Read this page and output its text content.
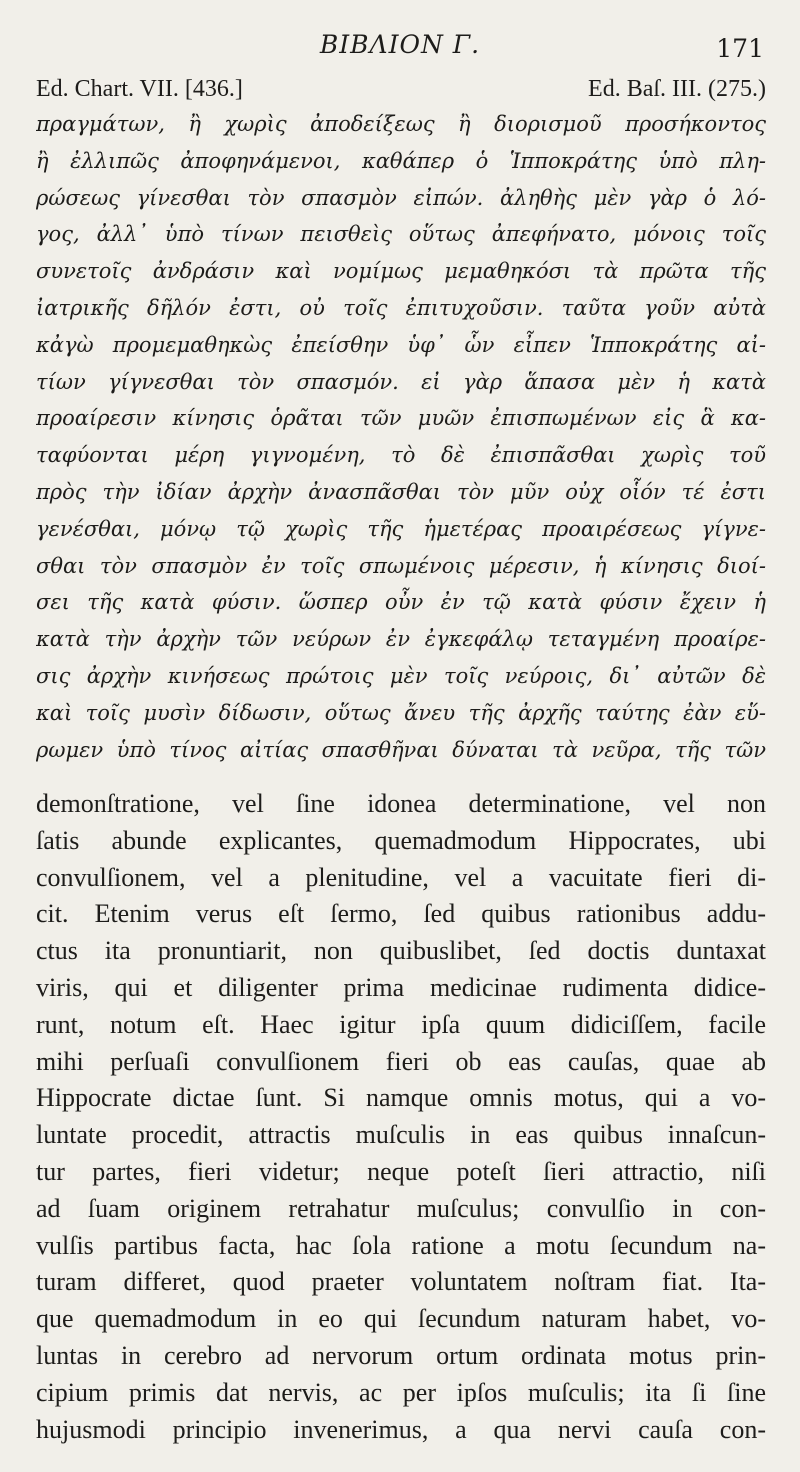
ΒΙΒΛΙΟΝ Γ.	171
Ed. Chart. VII. [436.]	Ed. Baſ. III. (275.)
πραγμάτων, ἢ χωρὶς ἀποδείξεως ἢ διορισμοῦ προσήκοντος
ἢ ἐλλιπῶς ἀποφηνάμενοι, καθάπερ ὁ Ἱπποκράτης ὑπὸ πλη-
ρώσεως γίνεσθαι τὸν σπασμὸν εἰπών. ἀληθὴς μὲν γὰρ ὁ λό-
γος, ἀλλ᾽ ὑπὸ τίνων πεισθεὶς οὕτως ἀπεφήνατο, μόνοις τοῖς
συνετοῖς ἀνδράσιν καὶ νομίμως μεμαθηκόσι τὰ πρῶτα τῆς
ἰατρικῆς δῆλόν ἐστι, οὐ τοῖς ἐπιτυχοῦσιν. ταῦτα γοῦν αὐτὰ
κἀγὼ προμεμαθηκὼς ἐπείσθην ὑφ᾽ ὧν εἶπεν Ἱπποκράτης αἰ-
τίων γίγνεσθαι τὸν σπασμόν. εἰ γὰρ ἅπασα μὲν ἡ κατὰ
προαίρεσιν κίνησις ὁρᾶται τῶν μυῶν ἐπισπωμένων εἰς ἃ κα-
ταφύονται μέρη γιγνομένη, τὸ δὲ ἐπισπᾶσθαι χωρὶς τοῦ
πρὸς τὴν ἰδίαν ἀρχὴν ἀνασπᾶσθαι τὸν μῦν οὐχ οἷόν τέ ἐστι
γενέσθαι, μόνῳ τῷ χωρὶς τῆς ἡμετέρας προαιρέσεως γίγνε-
σθαι τὸν σπασμὸν ἐν τοῖς σπωμένοις μέρεσιν, ἡ κίνησις διοί-
σει τῆς κατὰ φύσιν. ὥσπερ οὖν ἐν τῷ κατὰ φύσιν ἔχειν ἡ
κατὰ τὴν ἀρχὴν τῶν νεύρων ἐν ἐγκεφάλῳ τεταγμένη προαίρε-
σις ἀρχὴν κινήσεως πρώτοις μὲν τοῖς νεύροις, δι᾽ αὐτῶν δὲ
καὶ τοῖς μυσὶν δίδωσιν, οὕτως ἄνευ τῆς ἀρχῆς ταύτης ἐὰν εὕ-
ρωμεν ὑπὸ τίνος αἰτίας σπασθῆναι δύναται τὰ νεῦρα, τῆς τῶν
demonſtratione, vel ſine idonea determinatione, vel non
ſatis abunde explicantes, quemadmodum Hippocrates, ubi
convulſionem, vel a plenitudine, vel a vacuitate fieri di-
cit. Etenim verus eſt ſermo, ſed quibus rationibus addu-
ctus ita pronuntiarit, non quibuslibet, ſed doctis duntaxat
viris, qui et diligenter prima medicinae rudimenta didice-
runt, notum eſt. Haec igitur ipſa quum didiciſſem, facile
mihi perſuaſi convulſionem fieri ob eas cauſas, quae ab
Hippocrate dictae ſunt. Si namque omnis motus, qui a vo-
luntate procedit, attractis muſculis in eas quibus innaſcun-
tur partes, fieri videtur; neque poteſt ſieri attractio, niſi
ad ſuam originem retrahatur muſculus; convulſio in con-
vulſis partibus facta, hac ſola ratione a motu ſecundum na-
turam differet, quod praeter voluntatem noſtram fiat. Ita-
que quemadmodum in eo qui ſecundum naturam habet, vo-
luntas in cerebro ad nervorum ortum ordinata motus prin-
cipium primis dat nervis, ac per ipſos muſculis; ita ſi ſine
hujusmodi principio invenerimus, a qua nervi cauſa con-
